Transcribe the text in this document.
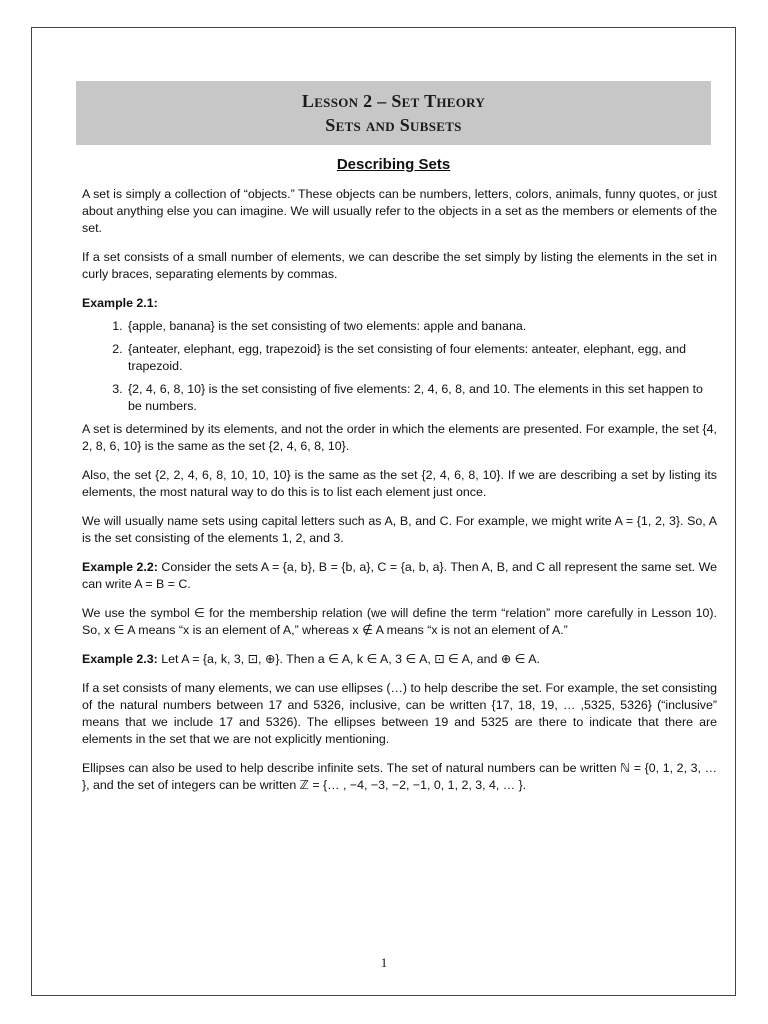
Lesson 2 – Set Theory
Sets and Subsets
Describing Sets

A set is simply a collection of “objects.” These objects can be numbers, letters, colors, animals, funny quotes, or just about anything else you can imagine. We will usually refer to the objects in a set as the members or elements of the set.

If a set consists of a small number of elements, we can describe the set simply by listing the elements in the set in curly braces, separating elements by commas.

Example 2.1:
1. {apple, banana} is the set consisting of two elements: apple and banana.
2. {anteater, elephant, egg, trapezoid} is the set consisting of four elements: anteater, elephant, egg, and trapezoid.
3. {2, 4, 6, 8, 10} is the set consisting of five elements: 2, 4, 6, 8, and 10. The elements in this set happen to be numbers.

A set is determined by its elements, and not the order in which the elements are presented. For example, the set {4, 2, 8, 6, 10} is the same as the set {2, 4, 6, 8, 10}.

Also, the set {2, 2, 4, 6, 8, 10, 10, 10} is the same as the set {2, 4, 6, 8, 10}. If we are describing a set by listing its elements, the most natural way to do this is to list each element just once.

We will usually name sets using capital letters such as A, B, and C. For example, we might write A = {1, 2, 3}. So, A is the set consisting of the elements 1, 2, and 3.

Example 2.2: Consider the sets A = {a, b}, B = {b, a}, C = {a, b, a}. Then A, B, and C all represent the same set. We can write A = B = C.

We use the symbol ∈ for the membership relation (we will define the term “relation” more carefully in Lesson 10). So, x ∈ A means “x is an element of A,” whereas x ∉ A means “x is not an element of A.”

Example 2.3: Let A = {a, k, 3, ⊡, ⊕}. Then a ∈ A, k ∈ A, 3 ∈ A, ⊡ ∈ A, and ⊕ ∈ A.

If a set consists of many elements, we can use ellipses (…) to help describe the set. For example, the set consisting of the natural numbers between 17 and 5326, inclusive, can be written {17, 18, 19, … ,5325, 5326} (“inclusive” means that we include 17 and 5326). The ellipses between 19 and 5325 are there to indicate that there are elements in the set that we are not explicitly mentioning.

Ellipses can also be used to help describe infinite sets. The set of natural numbers can be written ℕ = {0, 1, 2, 3, … }, and the set of integers can be written ℤ = {… , −4, −3, −2, −1, 0, 1, 2, 3, 4, … }.

1
